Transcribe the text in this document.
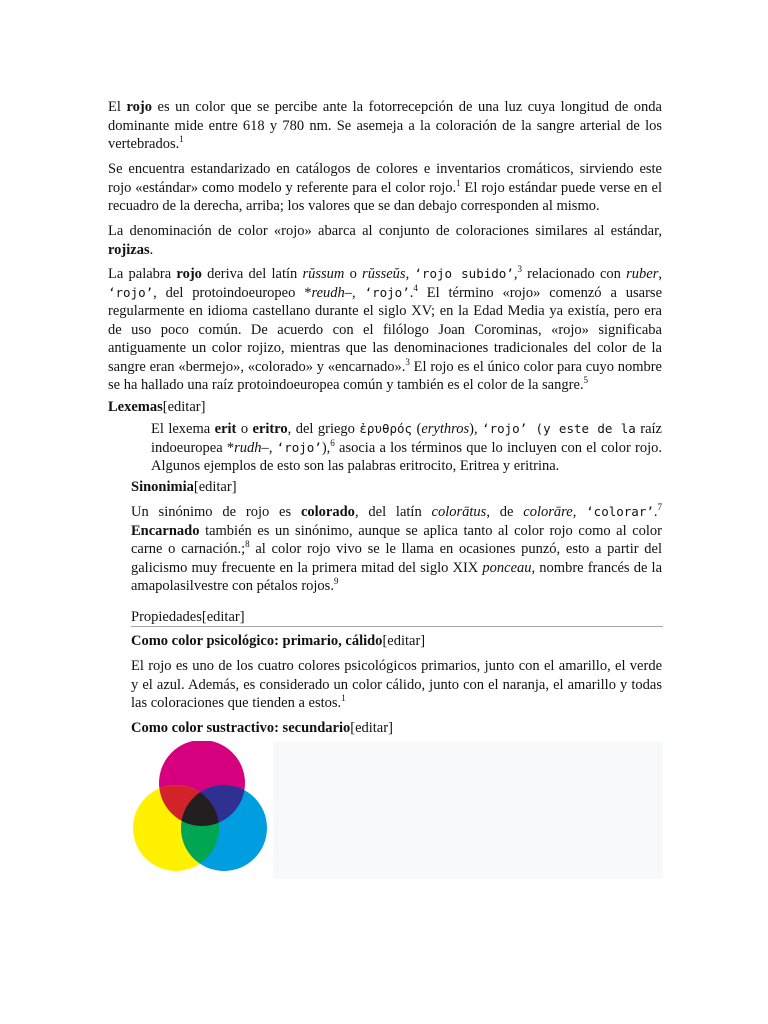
El rojo es un color que se percibe ante la fotorrecepción de una luz cuya longitud de onda dominante mide entre 618 y 780 nm. Se asemeja a la coloración de la sangre arterial de los vertebrados.$^1$

Se encuentra estandarizado en catálogos de colores e inventarios cromáticos, sirviendo este rojo «estándar» como modelo y referente para el color rojo.$^1$ El rojo estándar puede verse en el recuadro de la derecha, arriba; los valores que se dan debajo corresponden al mismo.

La denominación de color «rojo» abarca al conjunto de coloraciones similares al estándar, rojizas.

La palabra rojo deriva del latín rŭssum o rŭsseŭs, ‘rojo subido’,$^3$ relacionado con ruber, ‘rojo’, del protoindoeuropeo *reudh–, ‘rojo’.$^4$ El término «rojo» comenzó a usarse regularmente en idioma castellano durante el siglo XV; en la Edad Media ya existía, pero era de uso poco común. De acuerdo con el filólogo Joan Corominas, «rojo» significaba antiguamente un color rojizo, mientras que las denominaciones tradicionales del color de la sangre eran «bermejo», «colorado» y «encarnado».$^3$ El rojo es el único color para cuyo nombre se ha hallado una raíz protoindoeuropea común y también es el color de la sangre.$^5$

Lexemas[editar]

El lexema erit o eritro, del griego ἐρυθρός (erythros), ‘rojo’ (y este de la raíz indoeuropea *rudh–, ‘rojo’),$^6$ asocia a los términos que lo incluyen con el color rojo. Algunos ejemplos de esto son las palabras eritrocito, Eritrea y eritrina.

Sinonimia[editar]

Un sinónimo de rojo es colorado, del latín colorātus, de colorāre, ‘colorar’.$^7$ Encarnado también es un sinónimo, aunque se aplica tanto al color rojo como al color carne o carnación.;$^8$ al color rojo vivo se le llama en ocasiones punzó, esto a partir del galicismo muy frecuente en la primera mitad del siglo XIX ponceau, nombre francés de la amapolasilvestre con pétalos rojos.$^9$

Propiedades[editar]

Como color psicológico: primario, cálido[editar]

El rojo es uno de los cuatro colores psicológicos primarios, junto con el amarillo, el verde y el azul. Además, es considerado un color cálido, junto con el naranja, el amarillo y todas las coloraciones que tienden a estos.$^1$

Como color sustractivo: secundario[editar]
